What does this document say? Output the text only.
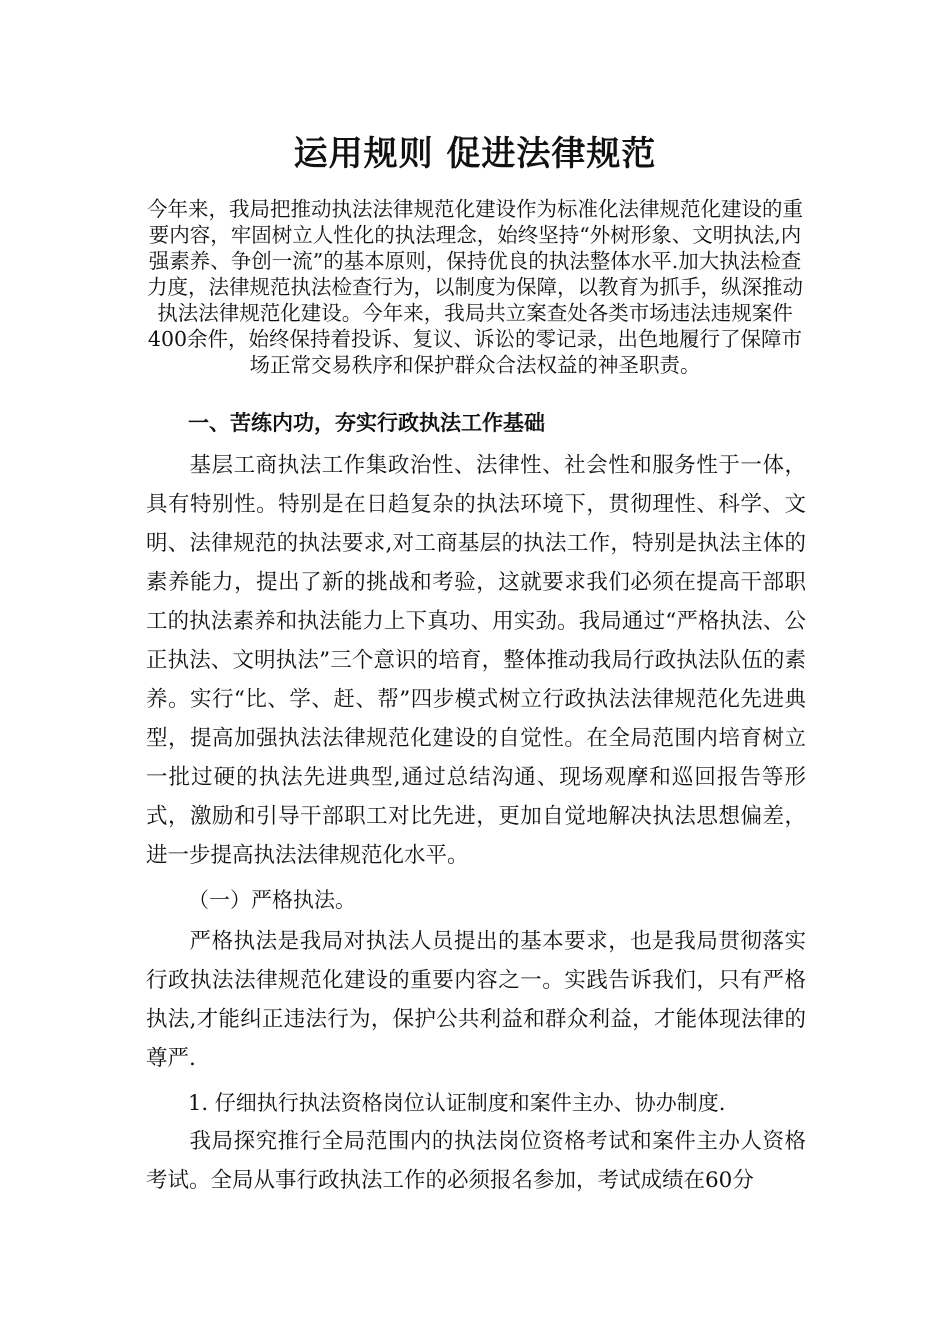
运用规则 促进法律规范
今年来，我局把推动执法法律规范化建设作为标准化法律规范化建设的重要内容，牢固树立人性化的执法理念，始终坚持“外树形象、文明执法,内强素养、争创一流”的基本原则，保持优良的执法整体水平.加大执法检查力度，法律规范执法检查行为，以制度为保障，以教育为抓手，纵深推动执法法律规范化建设。今年来，我局共立案查处各类市场违法违规案件400余件，始终保持着投诉、复议、诉讼的零记录，出色地履行了保障市场正常交易秩序和保护群众合法权益的神圣职责。
一、苦练内功，夯实行政执法工作基础
基层工商执法工作集政治性、法律性、社会性和服务性于一体，具有特别性。特别是在日趋复杂的执法环境下，贯彻理性、科学、文明、法律规范的执法要求,对工商基层的执法工作，特别是执法主体的素养能力，提出了新的挑战和考验，这就要求我们必须在提高干部职工的执法素养和执法能力上下真功、用实劲。我局通过“严格执法、公正执法、文明执法”三个意识的培育，整体推动我局行政执法队伍的素养。实行“比、学、赶、帮”四步模式树立行政执法法律规范化先进典型，提高加强执法法律规范化建设的自觉性。在全局范围内培育树立一批过硬的执法先进典型,通过总结沟通、现场观摩和巡回报告等形式，激励和引导干部职工对比先进，更加自觉地解决执法思想偏差，进一步提高执法法律规范化水平。
（一）严格执法。
严格执法是我局对执法人员提出的基本要求，也是我局贯彻落实行政执法法律规范化建设的重要内容之一。实践告诉我们，只有严格执法,才能纠正违法行为，保护公共利益和群众利益，才能体现法律的尊严.
1. 仔细执行执法资格岗位认证制度和案件主办、协办制度.
我局探究推行全局范围内的执法岗位资格考试和案件主办人资格考试。全局从事行政执法工作的必须报名参加，考试成绩在60分
